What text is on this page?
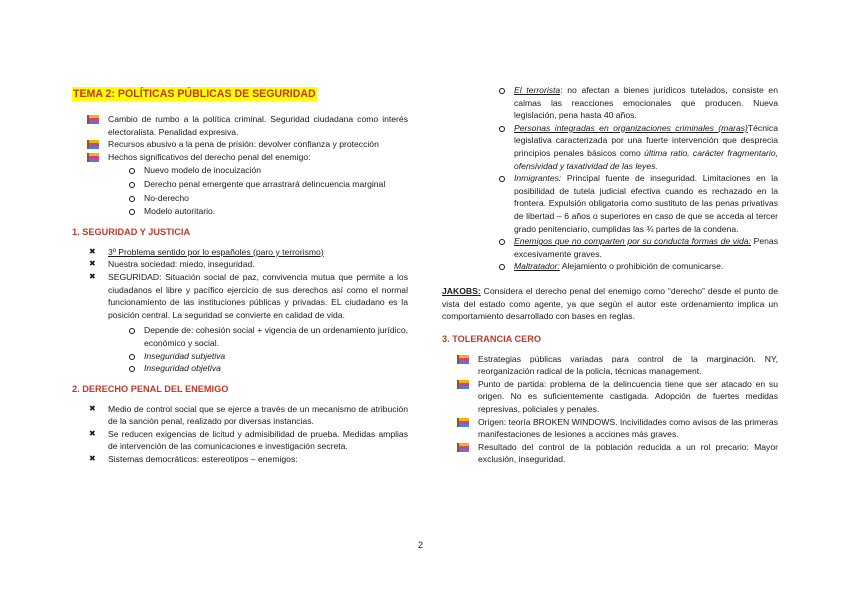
TEMA 2: POLÍTICAS PÚBLICAS DE SEGURIDAD
Cambio de rumbo a la política criminal. Seguridad ciudadana como interés electoralista. Penalidad expresiva.
Recursos abusivo a la pena de prisión: devolver confianza y protección
Hechos significativos del derecho penal del enemigo:
Nuevo modelo de inocuización
Derecho penal emergente que arrastrará delincuencia marginal
No-derecho
Modelo autoritario.
1. SEGURIDAD Y JUSTICIA
✖ 3º Problema sentido por lo españoles (paro y terrorismo)
✖ Nuestra sociedad: miedo, inseguridad.
✖ SEGURIDAD: Situación social de paz, convivencia mutua que permite a los ciudadanos el libre y pacífico ejercicio de sus derechos así como el normal funcionamiento de las instituciones públicas y privadas. EL ciudadano es la posición central. La seguridad se convierte en calidad de vida.
Depende de: cohesión social + vigencia de un ordenamiento jurídico, económico y social.
Inseguridad subjetiva
Inseguridad objetiva
2. DERECHO PENAL DEL ENEMIGO
✖ Medio de control social que se ejerce a través de un mecanismo de atribución de la sanción penal, realizado por diversas instancias.
✖ Se reducen exigencias de licitud y admisibilidad de prueba. Medidas amplias de intervención de las comunicaciones e investigación secreta.
✖ Sistemas democráticos: estereotipos – enemigos:
El terrorista: no afectan a bienes jurídicos tutelados, consiste en calmas las reacciones emocionales que producen. Nueva legislación, pena hasta 40 años.
Personas integradas en organizaciones criminales (maras)Técnica legislativa caracterizada por una fuerte intervención que desprecia principios penales básicos como última ratio, carácter fragmentario, ofensividad y taxatividad de las leyes.
Inmigrantes: Principal fuente de inseguridad. Limitaciones en la posibilidad de tutela judicial efectiva cuando es rechazado en la frontera. Expulsión obligatoria como sustituto de las penas privativas de libertad – 6 años o superiores en caso de que se acceda al tercer grado penitenciario, cumplidas las ¾ partes de la condena.
Enemigos que no comparten por su conducta formas de vida: Penas excesivamente graves.
Maltratador: Alejamiento o prohibición de comunicarse.

JAKOBS: Considera el derecho penal del enemigo como “derecho” desde el punto de vista del estado como agente, ya que según el autor este ordenamiento implica un comportamiento desarrollado con bases en reglas.

3. TOLERANCIA CERO
Estrategias públicas variadas para control de la marginación. NY, reorganización radical de la policía, técnicas management.
Punto de partida: problema de la delincuencia tiene que ser atacado en su origen. No es suficientemente castigada. Adopción de fuertes medidas represivas, policiales y penales.
Origen: teoría BROKEN WINDOWS. Incivilidades como avisos de las primeras manifestaciones de lesiones a acciones más graves.
Resultado del control de la población reducida a un rol precario: Mayor exclusión, inseguridad.
2
